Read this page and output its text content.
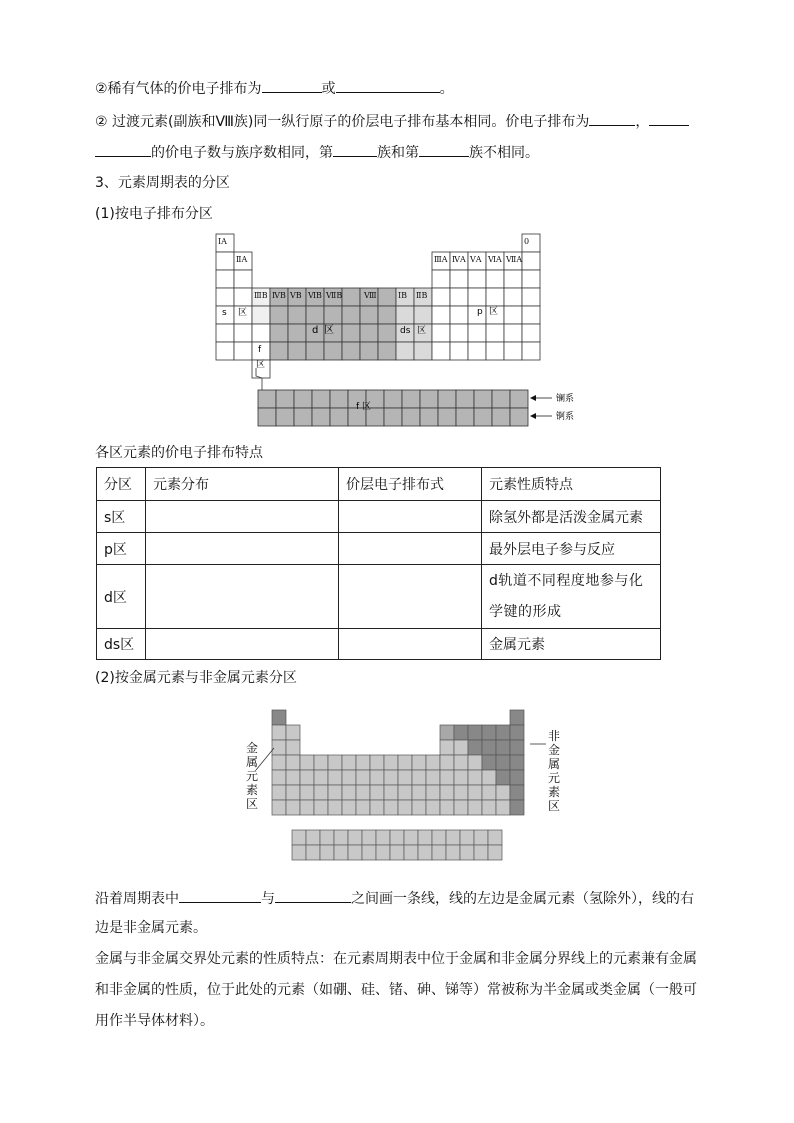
②稀有气体的价电子排布为	或	。
② 过渡元素(副族和Ⅷ族)同一纵行原子的价层电子排布基本相同。价电子排布为	，
的价电子数与族序数相同，第	族和第	族不相同。
3、元素周期表的分区
(1)按电子排布分区
ⅠA
ⅡA
ⅢB ⅣB ⅤB ⅥB ⅦB	Ⅷ	ⅠB ⅡB
ⅢA ⅣA ⅤA ⅥA ⅦA
0
s 区
d 区	ds 区
p 区
f
区
f 区
镧系
锕系
各区元素的价电子排布特点
分区	元素分布	价层电子排布式	元素性质特点
s区			除氢外都是活泼金属元素
p区			最外层电子参与反应
d区			d轨道不同程度地参与化学键的形成
ds区			金属元素
(2)按金属元素与非金属元素分区
金
属
元
素
区
非
金
属
元
素
区
沿着周期表中	与	之间画一条线，线的左边是金属元素（氢除外），线的右
边是非金属元素。
金属与非金属交界处元素的性质特点：在元素周期表中位于金属和非金属分界线上的元素兼有金属
和非金属的性质，位于此处的元素（如硼、硅、锗、砷、锑等）常被称为半金属或类金属（一般可
用作半导体材料）。
